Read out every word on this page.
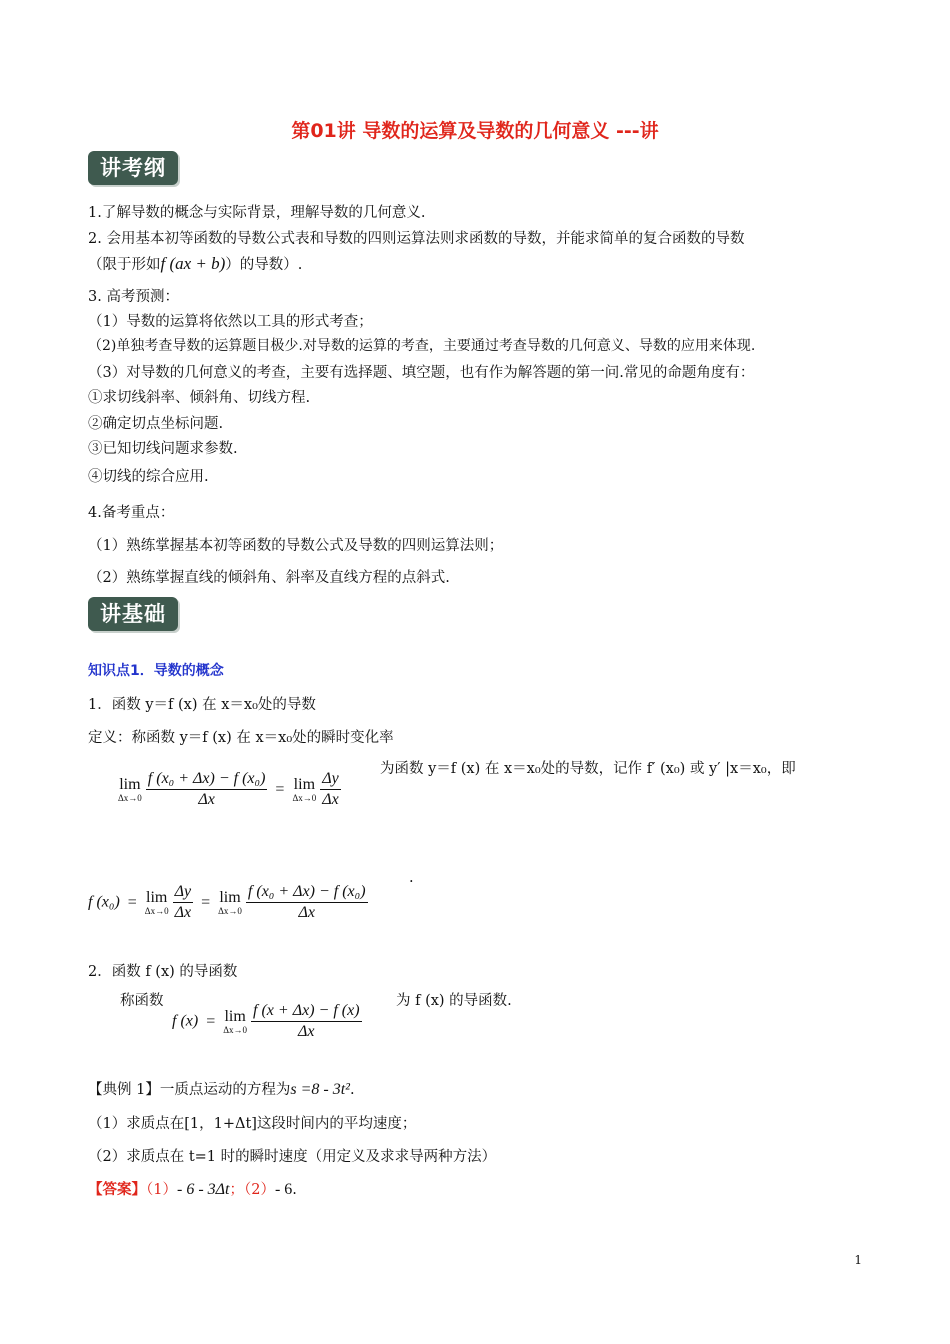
第01讲 导数的运算及导数的几何意义 ---讲
讲考纲
1.了解导数的概念与实际背景，理解导数的几何意义.
2. 会用基本初等函数的导数公式表和导数的四则运算法则求函数的导数，并能求简单的复合函数的导数
（限于形如f (ax + b)）的导数）.
3. 高考预测：
（1）导数的运算将依然以工具的形式考查；
（2)单独考查导数的运算题目极少.对导数的运算的考查，主要通过考查导数的几何意义、导数的应用来体现.
（3）对导数的几何意义的考查，主要有选择题、填空题，也有作为解答题的第一问.常见的命题角度有：
①求切线斜率、倾斜角、切线方程.
②确定切点坐标问题.
③已知切线问题求参数.
④切线的综合应用.
4.备考重点：
（1）熟练掌握基本初等函数的导数公式及导数的四则运算法则；
（2）熟练掌握直线的倾斜角、斜率及直线方程的点斜式.
讲基础
知识点1．导数的概念
1．函数 y＝f (x) 在 x＝x₀处的导数
定义：称函数 y＝f (x) 在 x＝x₀处的瞬时变化率
lim
Δx→0
$\frac{\text{f (x₀ + Δx) − f (x₀)}}{\Delta x} = \lim$
Δx→0
$\frac{\Delta y}{\Delta x}$
为函数 y＝f (x) 在 x＝x₀处的导数，记作 f′ (x₀) 或 y′ |x＝x₀，即
f (x₀) = lim
Δx→0
$\frac{\Delta y}{\Delta x} = \lim$
Δx→0
$\frac{\text{f (x₀ + Δx) − f (x₀)}}{\Delta x}$
.
2．函数 f (x) 的导函数
称函数
f (x) = lim
Δx→0
$\frac{f (x + \Delta x) - f (x)}{\Delta x}$
为 f (x) 的导函数.
【典例 1】一质点运动的方程为s =8 - 3t².
（1）求质点在[1，1+Δt]这段时间内的平均速度；
（2）求质点在 t=1 时的瞬时速度（用定义及求求导两种方法）
【答案】（1）- 6 - 3Δt；（2）- 6.
1
